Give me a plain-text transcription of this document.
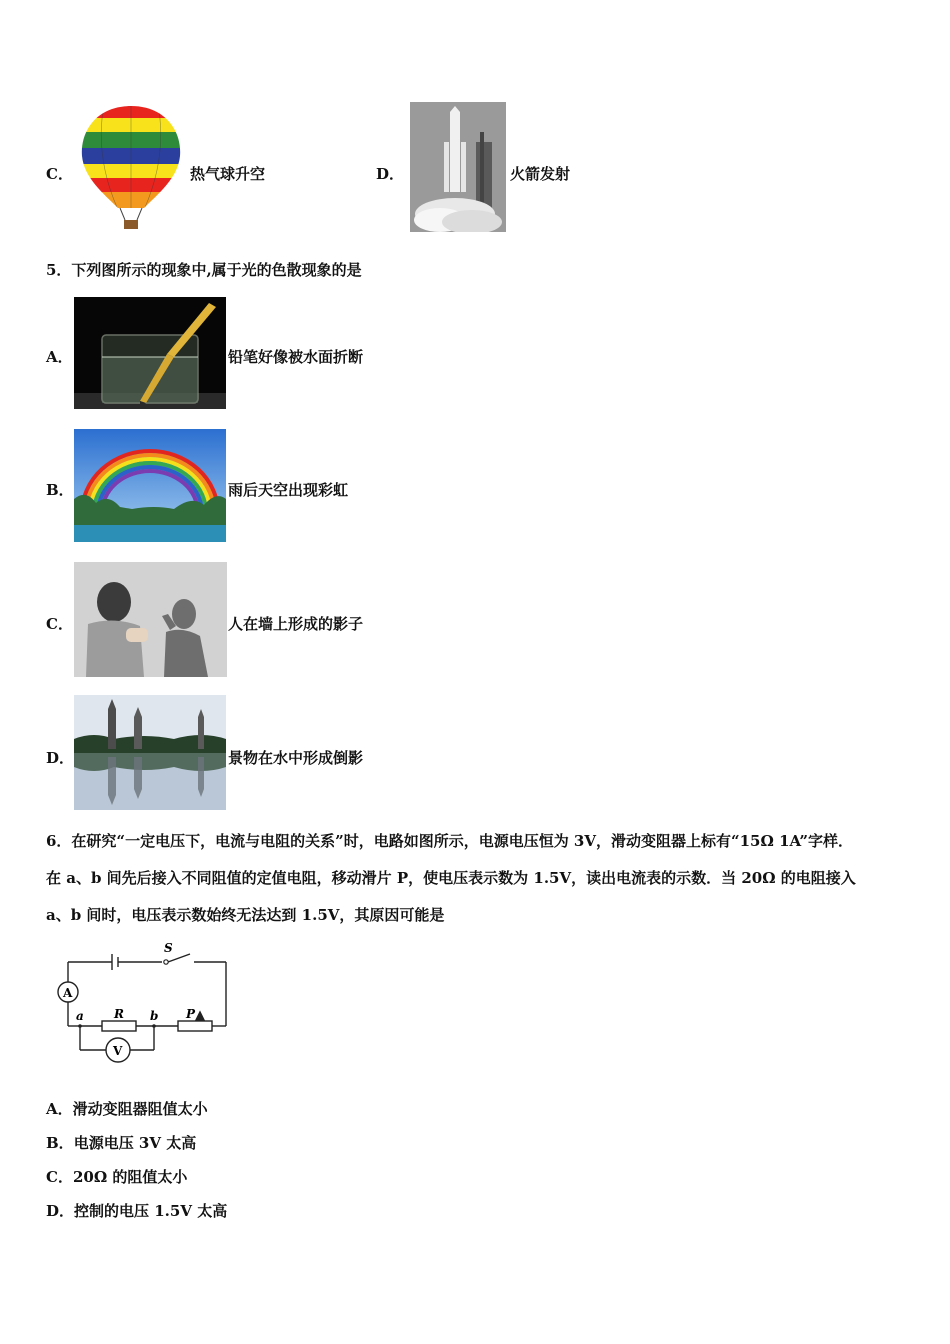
C．	热气球升空	D．	火箭发射
5．下列图所示的现象中,属于光的色散现象的是
A．	铅笔好像被水面折断
B．	雨后天空出现彩虹
C．	人在墙上形成的影子
D．	景物在水中形成倒影
6．在研究“一定电压下，电流与电阻的关系”时，电路如图所示，电源电压恒为 3V，滑动变阻器上标有“15Ω 1A”字样．
在 a、b 间先后接入不同阻值的定值电阻，移动滑片 P，使电压表示数为 1.5V，读出电流表的示数．当 20Ω 的电阻接入
a、b 间时，电压表示数始终无法达到 1.5V，其原因可能是
S
A
a	R b P
V
A．滑动变阻器阻值太小
B．电源电压 3V 太高
C．20Ω 的阻值太小
D．控制的电压 1.5V 太高
